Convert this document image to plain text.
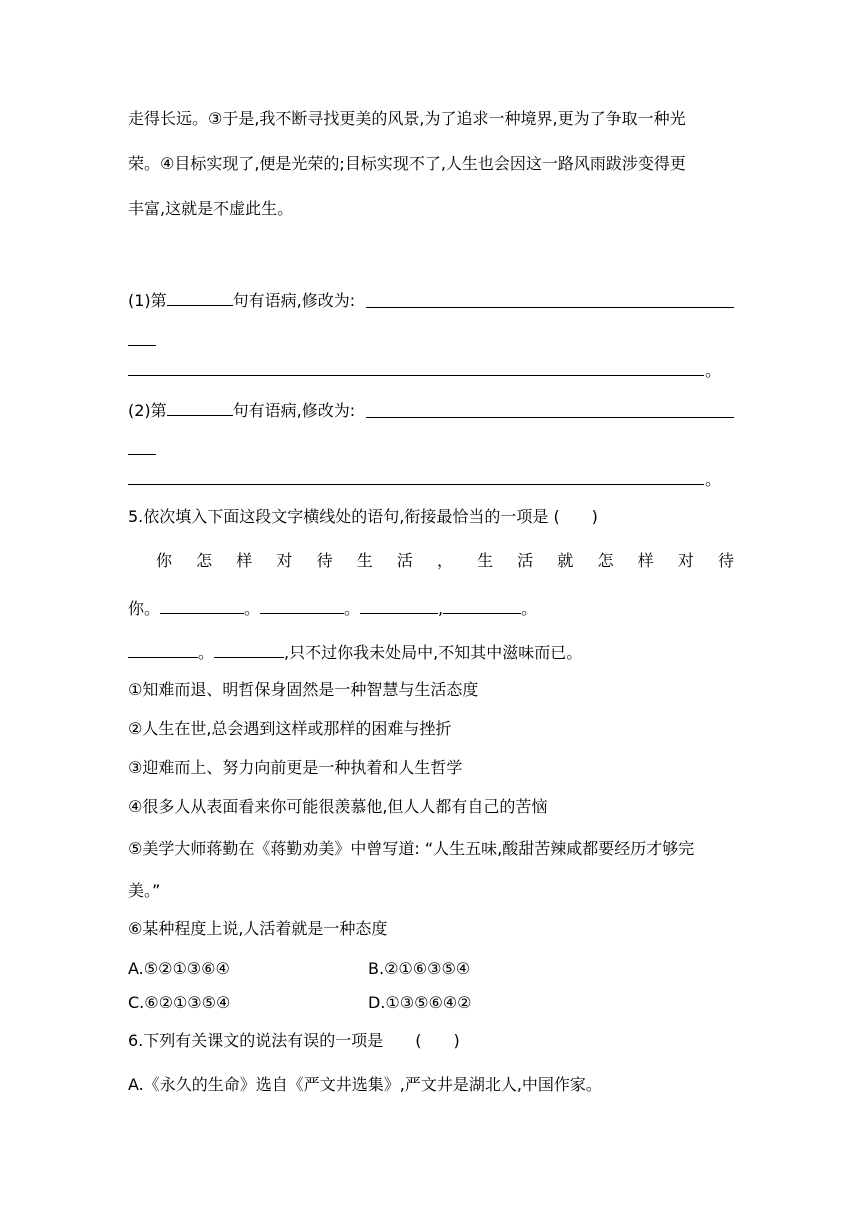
走得长远。③于是,我不断寻找更美的风景,为了追求一种境界,更为了争取一种光
荣。④目标实现了,便是光荣的;目标实现不了,人生也会因这一路风雨跋涉变得更
丰富,这就是不虚此生。
(1)第	句有语病,修改为:
。
(2)第	句有语病,修改为:
。
5.依次填入下面这段文字横线处的语句,衔接最恰当的一项是 (　　)
你 怎 样 对 待 生 活 ， 生 活 就 怎 样 对 待
你。	。	。	,	。
。	,只不过你我未处局中,不知其中滋味而已。
①知难而退、明哲保身固然是一种智慧与生活态度
②人生在世,总会遇到这样或那样的困难与挫折
③迎难而上、努力向前更是一种执着和人生哲学
④很多人从表面看来你可能很羡慕他,但人人都有自己的苦恼
⑤美学大师蒋勤在《蒋勤劝美》中曾写道: “人生五味,酸甜苦辣咸都要经历才够完
美。”
⑥某种程度上说,人活着就是一种态度
A.⑤②①③⑥④	B.②①⑥③⑤④
C.⑥②①③⑤④	D.①③⑤⑥④②
6.下列有关课文的说法有误的一项是　　(　　)
A.《永久的生命》选自《严文井选集》,严文井是湖北人,中国作家。
